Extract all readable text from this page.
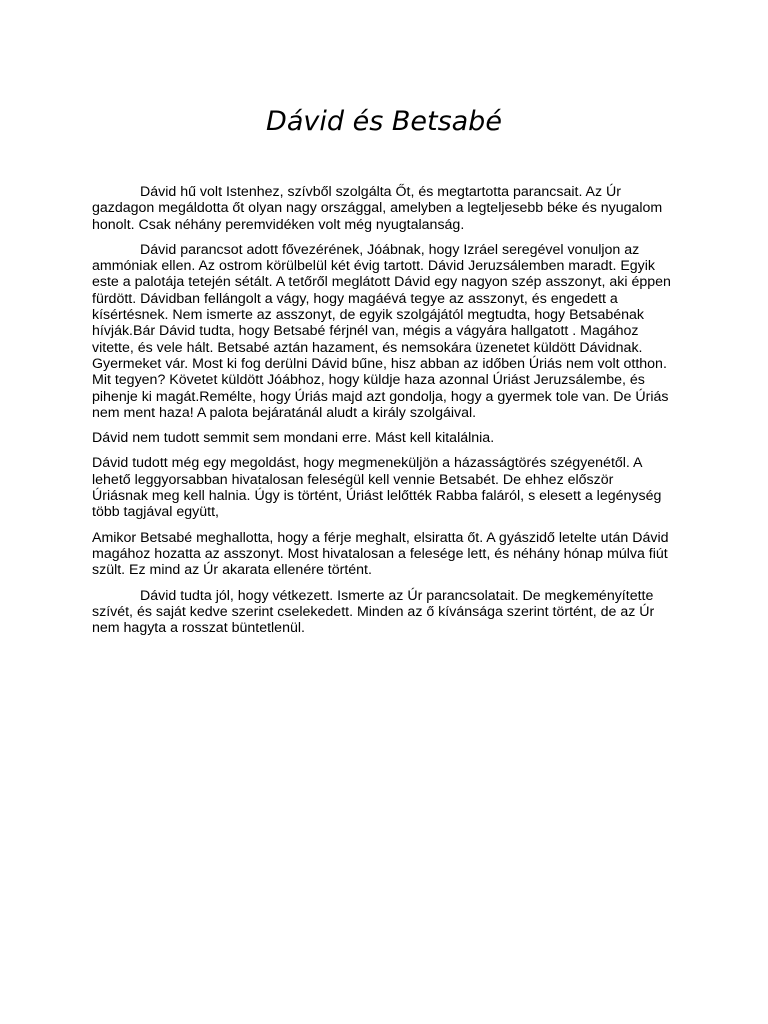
Dávid és Betsabé

Dávid hű volt Istenhez, szívből szolgálta Őt, és megtartotta parancsait. Az Úr gazdagon megáldotta őt olyan nagy országgal, amelyben a legteljesebb béke és nyugalom honolt. Csak néhány peremvidéken volt még nyugtalanság.

Dávid parancsot adott fővezérének, Jóábnak, hogy Izráel seregével vonuljon az ammóniak ellen. Az ostrom körülbelül két évig tartott. Dávid Jeruzsálemben maradt. Egyik este a palotája tetején sétált. A tetőről meglátott Dávid egy nagyon szép asszonyt, aki éppen fürdött. Dávidban fellángolt a vágy, hogy magáévá tegye az asszonyt, és engedett a kísértésnek. Nem ismerte az asszonyt, de egyik szolgájától megtudta, hogy Betsabénak hívják.Bár Dávid tudta, hogy Betsabé férjnél van, mégis a vágyára hallgatott . Magához vitette, és vele hált. Betsabé aztán hazament, és nemsokára üzenetet küldött Dávidnak. Gyermeket vár. Most ki fog derülni Dávid bűne, hisz abban az időben Úriás nem volt otthon. Mit tegyen? Követet küldött Jóábhoz, hogy küldje haza azonnal Úriást Jeruzsálembe, és pihenje ki magát.Remélte, hogy Úriás majd azt gondolja, hogy a gyermek tole van. De Úriás nem ment haza! A palota bejáratánál aludt a király szolgáival.

Dávid nem tudott semmit sem mondani erre. Mást kell kitalálnia.

Dávid tudott még egy megoldást, hogy megmeneküljön a házasságtörés szégyenétől. A lehető leggyorsabban hivatalosan feleségül kell vennie Betsabét. De ehhez először Úriásnak meg kell halnia. Úgy is történt, Úriást lelőtték Rabba faláról, s elesett a legénység több tagjával együtt,

Amikor Betsabé meghallotta, hogy a férje meghalt, elsiratta őt. A gyászidő letelte után Dávid magához hozatta az asszonyt. Most hivatalosan a felesége lett, és néhány hónap múlva fiút szült. Ez mind az Úr akarata ellenére történt.

Dávid tudta jól, hogy vétkezett. Ismerte az Úr parancsolatait. De megkeményítette szívét, és saját kedve szerint cselekedett. Minden az ő kívánsága szerint történt, de az Úr nem hagyta a rosszat büntetlenül.
